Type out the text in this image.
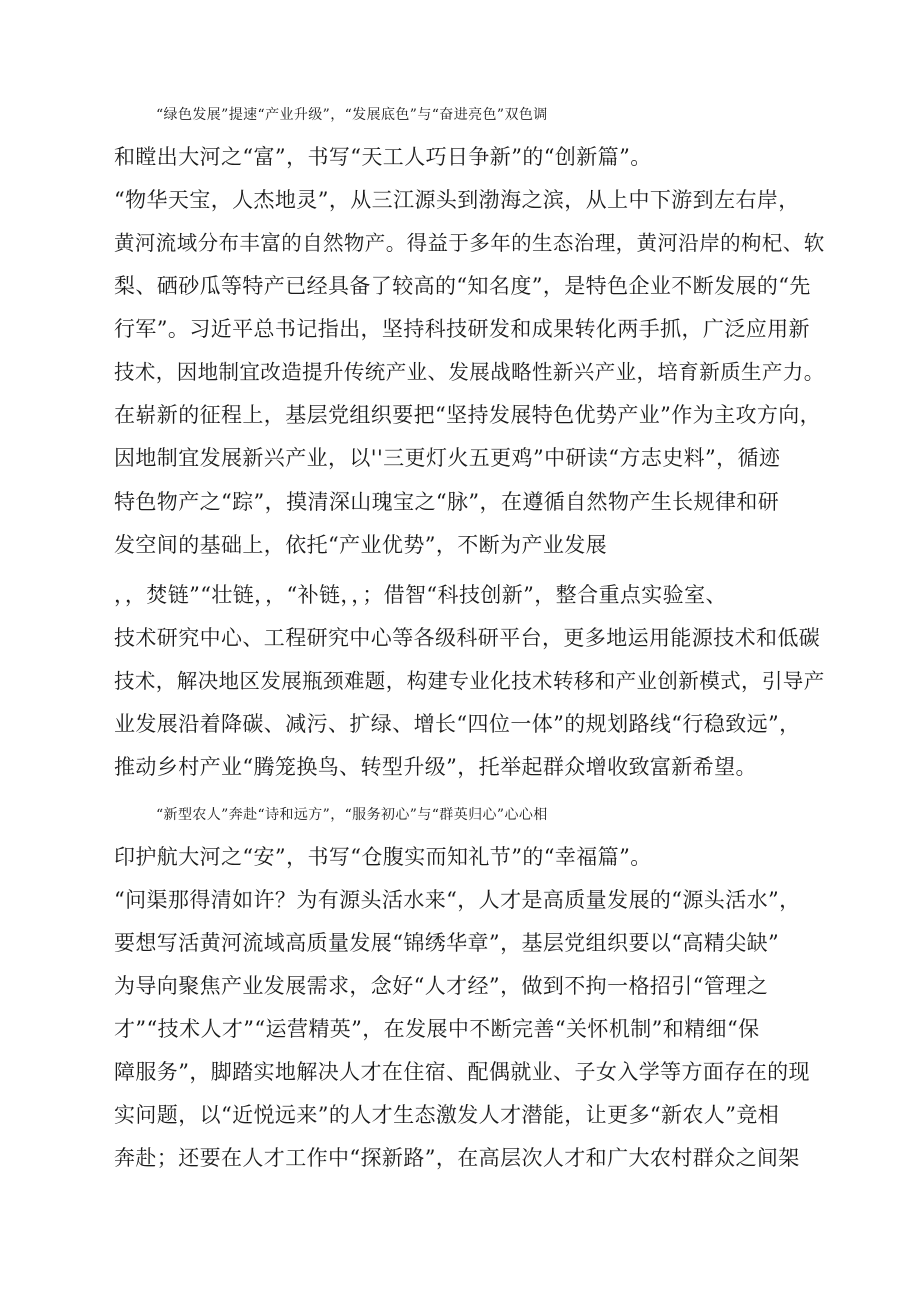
“绿色发展”提速“产业升级”，“发展底色”与“奋进亮色”双色调
和瞠出大河之“富”，书写“天工人巧日争新”的“创新篇”。
“物华天宝，人杰地灵”，从三江源头到渤海之滨，从上中下游到左右岸，
黄河流域分布丰富的自然物产。得益于多年的生态治理，黄河沿岸的枸杞、软
梨、硒砂瓜等特产已经具备了较高的“知名度”，是特色企业不断发展的“先
行军”。习近平总书记指出，坚持科技研发和成果转化两手抓，广泛应用新
技术，因地制宜改造提升传统产业、发展战略性新兴产业，培育新质生产力。
在崭新的征程上，基层党组织要把“坚持发展特色优势产业”作为主攻方向，
因地制宜发展新兴产业，以''三更灯火五更鸡”中研读“方志史料”，循迹
特色物产之“踪”，摸清深山瑰宝之“脉”，在遵循自然物产生长规律和研
发空间的基础上，依托“产业优势”，不断为产业发展
，，焚链”“壮链，，“补链，，；借智“科技创新”，整合重点实验室、
技术研究中心、工程研究中心等各级科研平台，更多地运用能源技术和低碳
技术，解决地区发展瓶颈难题，构建专业化技术转移和产业创新模式，引导产
业发展沿着降碳、减污、扩绿、增长“四位一体”的规划路线“行稳致远”，
推动乡村产业“腾笼换鸟、转型升级”，托举起群众增收致富新希望。
“新型农人”奔赴“诗和远方”，“服务初心”与“群英归心”心心相
印护航大河之“安”，书写“仓腹实而知礼节”的“幸福篇”。
“问渠那得清如许？为有源头活水来“，人才是高质量发展的“源头活水”，
要想写活黄河流域高质量发展“锦绣华章”，基层党组织要以“高精尖缺”
为导向聚焦产业发展需求，念好“人才经”，做到不拘一格招引“管理之
才”“技术人才”“运营精英”，在发展中不断完善“关怀机制”和精细“保
障服务”，脚踏实地解决人才在住宿、配偶就业、子女入学等方面存在的现
实问题，以“近悦远来”的人才生态激发人才潜能，让更多“新农人”竞相
奔赴；还要在人才工作中“探新路”，在高层次人才和广大农村群众之间架
